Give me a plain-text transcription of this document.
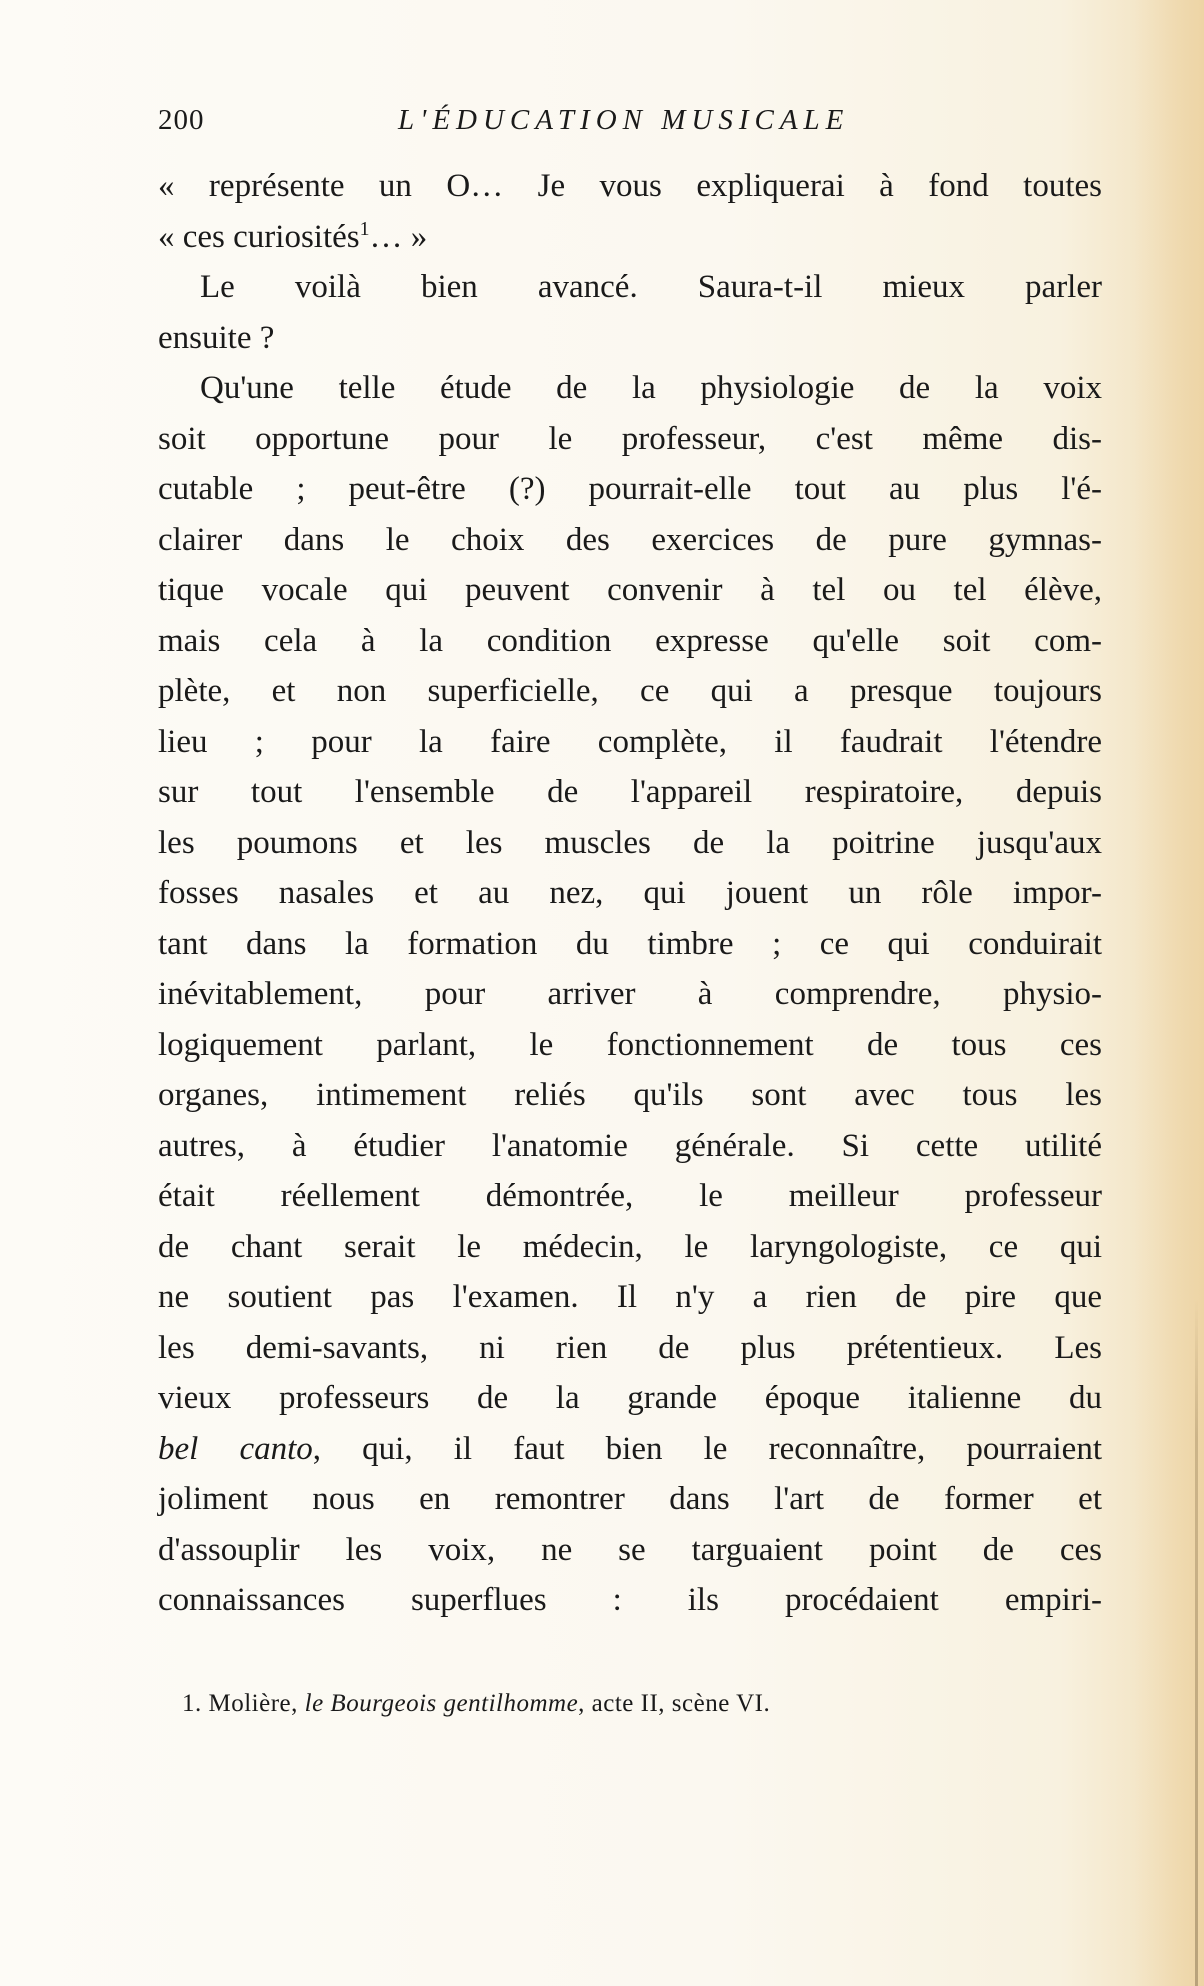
200	L'ÉDUCATION MUSICALE
« représente un O… Je vous expliquerai à fond toutes
« ces curiosités$^1$… »
Le voilà bien avancé. Saura-t-il mieux parler
ensuite ?
Qu'une telle étude de la physiologie de la voix
soit opportune pour le professeur, c'est même dis-
cutable ; peut-être (?) pourrait-elle tout au plus l'é-
clairer dans le choix des exercices de pure gymnas-
tique vocale qui peuvent convenir à tel ou tel élève,
mais cela à la condition expresse qu'elle soit com-
plète, et non superficielle, ce qui a presque toujours
lieu ; pour la faire complète, il faudrait l'étendre
sur tout l'ensemble de l'appareil respiratoire, depuis
les poumons et les muscles de la poitrine jusqu'aux
fosses nasales et au nez, qui jouent un rôle impor-
tant dans la formation du timbre ; ce qui conduirait
inévitablement, pour arriver à comprendre, physio-
logiquement parlant, le fonctionnement de tous ces
organes, intimement reliés qu'ils sont avec tous les
autres, à étudier l'anatomie générale. Si cette utilité
était réellement démontrée, le meilleur professeur
de chant serait le médecin, le laryngologiste, ce qui
ne soutient pas l'examen. Il n'y a rien de pire que
les demi-savants, ni rien de plus prétentieux. Les
vieux professeurs de la grande époque italienne du
bel canto, qui, il faut bien le reconnaître, pourraient
joliment nous en remontrer dans l'art de former et
d'assouplir les voix, ne se targuaient point de ces
connaissances superflues : ils procédaient empiri-
1. Molière, le Bourgeois gentilhomme, acte II, scène VI.
